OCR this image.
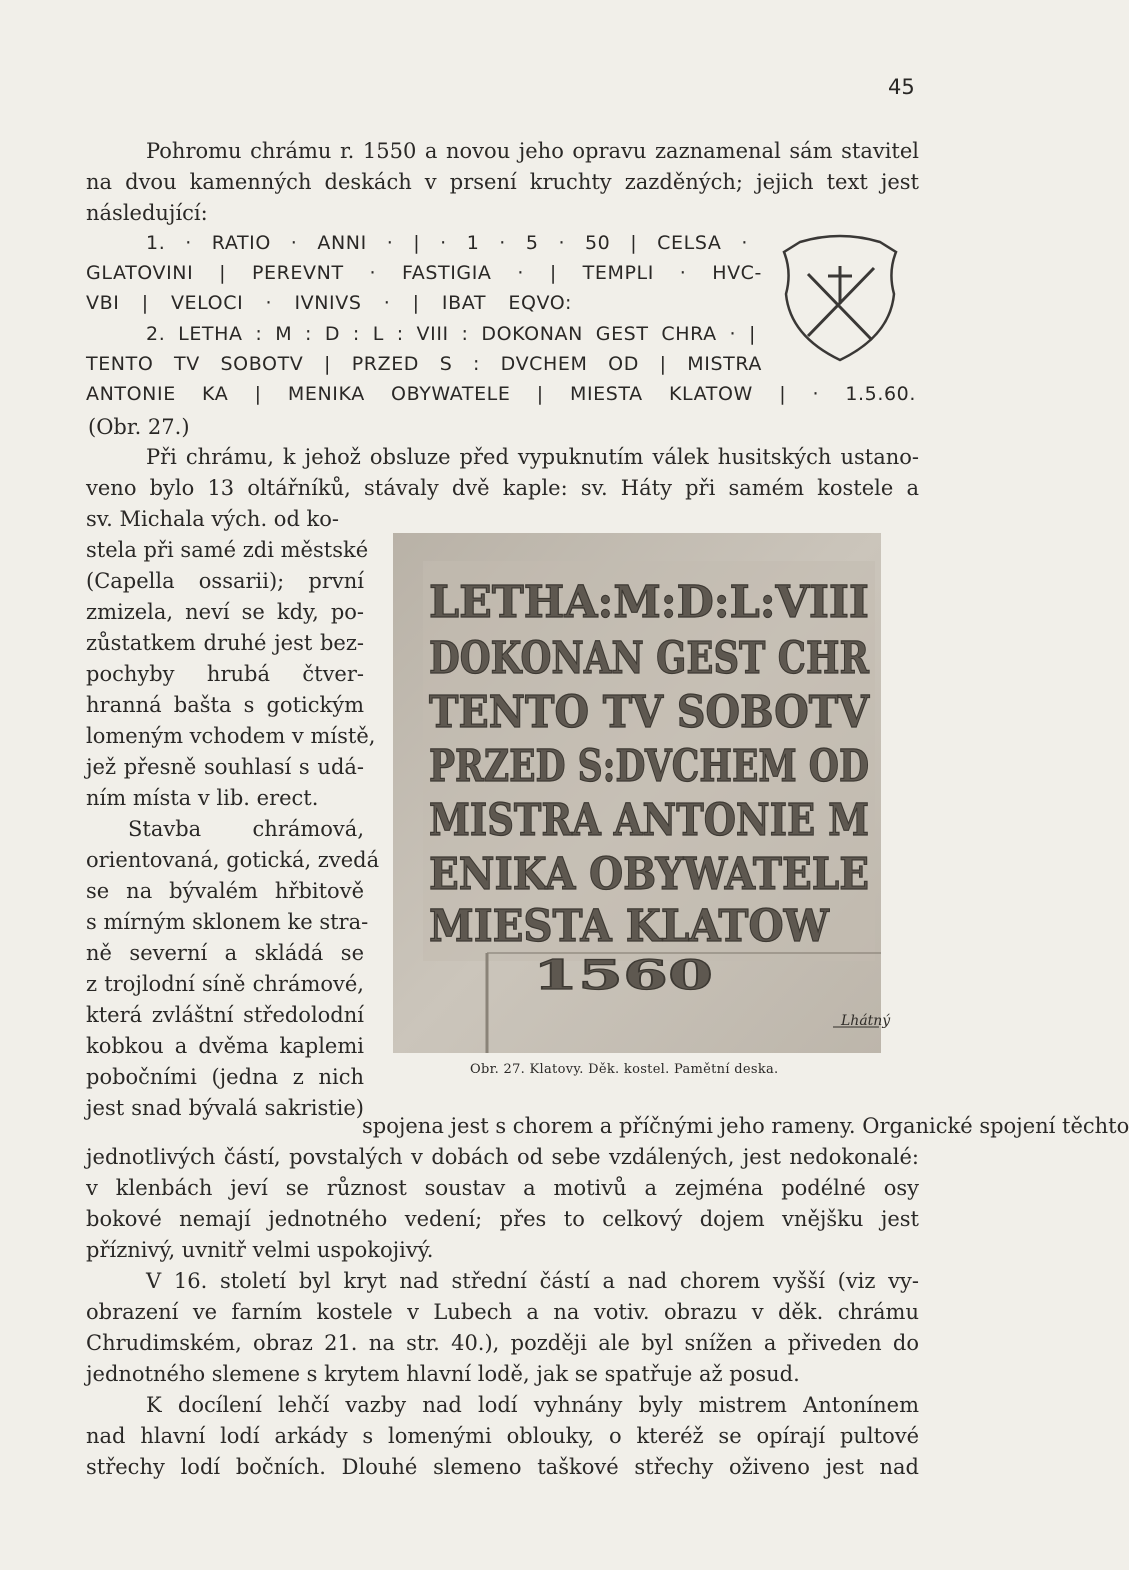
45
Pohromu chrámu r. 1550 a novou jeho opravu zaznamenal sám stavitel
na dvou kamenných deskách v prsení kruchty zazděných; jejich text jest
následující:
1. · RATIO · ANNI · | · 1 · 5 · 50 | CELSA ·
GLATOVINI | PEREVNT · FASTIGIA · | TEMPLI · HVC-
VBI | VELOCI · IVNIVS · | IBAT EQVO:
2. LETHA : M : D : L : VIII : DOKONAN GEST CHRA · |
TENTO TV SOBOTV | PRZED S : DVCHEM OD | MISTRA
ANTONIE KA | MENIKA OBYWATELE | MIESTA KLATOW | · 1.5.60.
(Obr. 27.)
Při chrámu, k jehož obsluze před vypuknutím válek husitských ustano-
veno bylo 13 oltářníků, stávaly dvě kaple: sv. Háty při samém kostele a
sv. Michala vých. od ko-
stela při samé zdi městské
(Capella ossarii); první
zmizela, neví se kdy, po-
zůstatkem druhé jest bez-
pochyby hrubá čtver-
hranná bašta s gotickým
lomeným vchodem v místě,
jež přesně souhlasí s udá-
ním místa v lib. erect.
Stavba chrámová,
orientovaná, gotická, zvedá
se na bývalém hřbitově
s mírným sklonem ke stra-
ně severní a skládá se
z trojlodní síně chrámové,
která zvláštní středolodní
kobkou a dvěma kaplemi
pobočními (jedna z nich
jest snad bývalá sakristie)
LETHA:M:D:L:VIII
DOKONAN GEST CHR
TENTO TV SOBOTV
PRZED S:DVCHEM OD
MISTRA ANTONIE M
ENIKA OBYWATELE
MIESTA KLATOW
1560
Lhátný
Obr. 27. Klatovy. Děk. kostel. Pamětní deska.
spojena jest s chorem a příčnými jeho rameny. Organické spojení těchto
jednotlivých částí, povstalých v dobách od sebe vzdálených, jest nedokonalé:
v klenbách jeví se různost soustav a motivů a zejména podélné osy
bokové nemají jednotného vedení; přes to celkový dojem vnějšku jest
příznivý, uvnitř velmi uspokojivý.
V 16. století byl kryt nad střední částí a nad chorem vyšší (viz vy-
obrazení ve farním kostele v Lubech a na votiv. obrazu v děk. chrámu
Chrudimském, obraz 21. na str. 40.), později ale byl snížen a přiveden do
jednotného slemene s krytem hlavní lodě, jak se spatřuje až posud.
K docílení lehčí vazby nad lodí vyhnány byly mistrem Antonínem
nad hlavní lodí arkády s lomenými oblouky, o kteréž se opírají pultové
střechy lodí bočních. Dlouhé slemeno taškové střechy oživeno jest nad
